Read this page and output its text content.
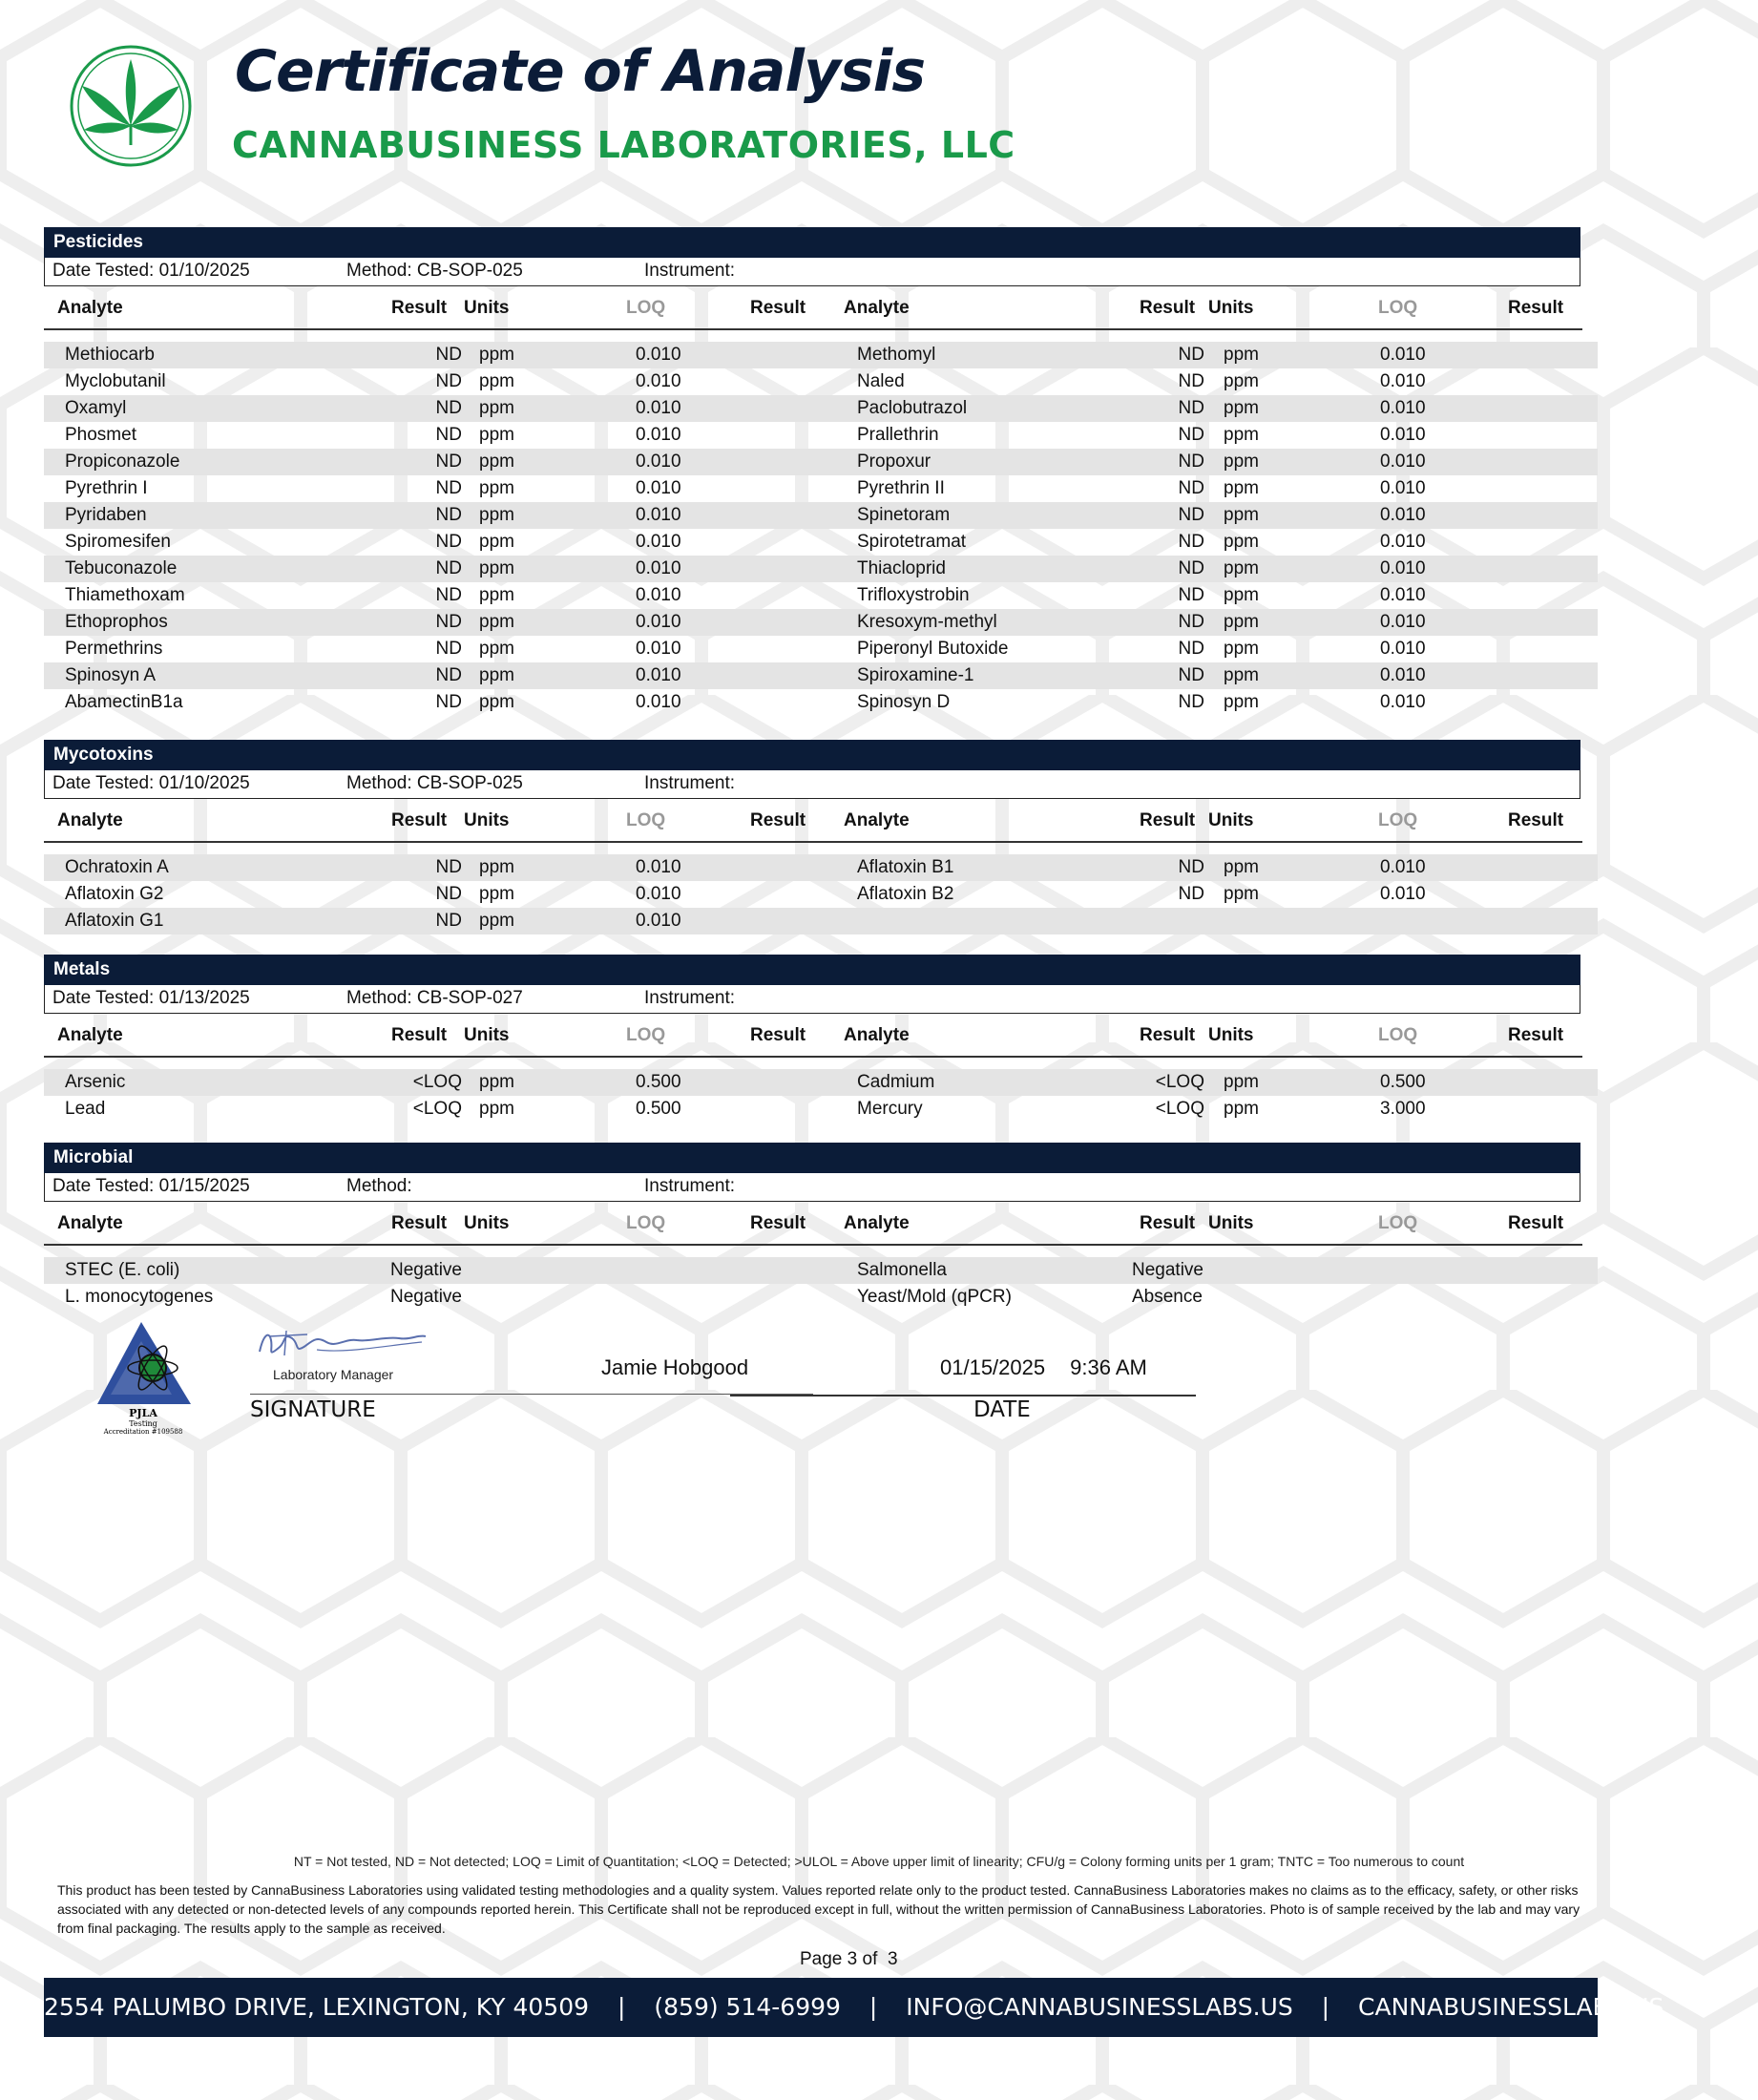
Certificate of Analysis
CANNABUSINESS LABORATORIES, LLC
Pesticides
Date Tested: 01/10/2025	Method: CB-SOP-025	Instrument:
Analyte	Result Units	LOQ	Result Analyte	Result Units	LOQ	Result
Methiocarb	ND ppm	0.010	Methomyl	ND ppm	0.010
Myclobutanil	ND ppm	0.010	Naled	ND ppm	0.010
Oxamyl	ND ppm	0.010	Paclobutrazol	ND ppm	0.010
Phosmet	ND ppm	0.010	Prallethrin	ND ppm	0.010
Propiconazole	ND ppm	0.010	Propoxur	ND ppm	0.010
Pyrethrin I	ND ppm	0.010	Pyrethrin II	ND ppm	0.010
Pyridaben	ND ppm	0.010	Spinetoram	ND ppm	0.010
Spiromesifen	ND ppm	0.010	Spirotetramat	ND ppm	0.010
Tebuconazole	ND ppm	0.010	Thiacloprid	ND ppm	0.010
Thiamethoxam	ND ppm	0.010	Trifloxystrobin	ND ppm	0.010
Ethoprophos	ND ppm	0.010	Kresoxym-methyl	ND ppm	0.010
Permethrins	ND ppm	0.010	Piperonyl Butoxide	ND ppm	0.010
Spinosyn A	ND ppm	0.010	Spiroxamine-1	ND ppm	0.010
AbamectinB1a	ND ppm	0.010	Spinosyn D	ND ppm	0.010
Mycotoxins
Date Tested: 01/10/2025	Method: CB-SOP-025	Instrument:
Analyte	Result Units	LOQ	Result Analyte	Result Units	LOQ	Result
Ochratoxin A	ND ppm	0.010	Aflatoxin B1	ND ppm	0.010
Aflatoxin G2	ND ppm	0.010	Aflatoxin B2	ND ppm	0.010
Aflatoxin G1	ND ppm	0.010
Metals
Date Tested: 01/13/2025	Method: CB-SOP-027	Instrument:
Analyte	Result Units	LOQ	Result Analyte	Result Units	LOQ	Result
Arsenic	<LOQ ppm	0.500	Cadmium	<LOQ ppm	0.500
Lead	<LOQ ppm	0.500	Mercury	<LOQ ppm	3.000
Microbial
Date Tested: 01/15/2025	Method:	Instrument:
Analyte	Result Units	LOQ	Result Analyte	Result Units	LOQ	Result
STEC (E. coli)	Negative	Salmonella	Negative
L. monocytogenes	Negative	Yeast/Mold (qPCR)	Absence
PJLA
Testing
Accreditation #109588
Laboratory Manager	Jamie Hobgood	01/15/2025 9:36 AM
SIGNATURE	DATE
NT = Not tested, ND = Not detected; LOQ = Limit of Quantitation; <LOQ = Detected; >ULOL = Above upper limit of linearity; CFU/g = Colony forming units per 1 gram; TNTC = Too numerous to count
This product has been tested by CannaBusiness Laboratories using validated testing methodologies and a quality system. Values reported relate only to the product tested. CannaBusiness Laboratories makes no claims as to the efficacy, safety, or other risks associated with any detected or non-detected levels of any compounds reported herein. This Certificate shall not be reproduced except in full, without the written permission of CannaBusiness Laboratories. Photo is of sample received by the lab and may vary from final packaging. The results apply to the sample as received.
Page 3 of 3
2554 PALUMBO DRIVE, LEXINGTON, KY 40509 | (859) 514-6999 | INFO@CANNABUSINESSLABS.US | CANNABUSINESSLABS.US
